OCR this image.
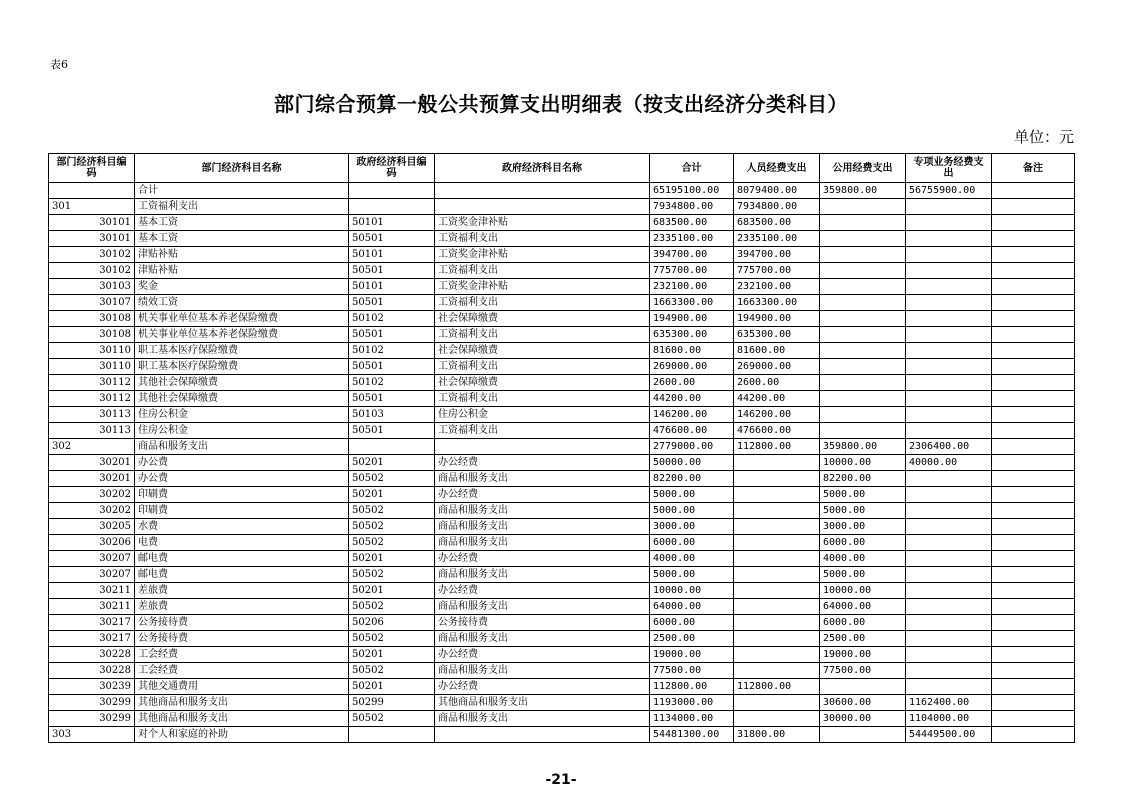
表6
部门综合预算一般公共预算支出明细表（按支出经济分类科目）
单位：元
部门经济科目编码	部门经济科目名称	政府经济科目编码	政府经济科目名称	合计	人员经费支出	公用经费支出	专项业务经费支出	备注
	合计			65195100.00	8079400.00	359800.00	56755900.00	
301	工资福利支出			7934800.00	7934800.00			
30101	基本工资	50101	工资奖金津补贴	683500.00	683500.00			
30101	基本工资	50501	工资福利支出	2335100.00	2335100.00			
30102	津贴补贴	50101	工资奖金津补贴	394700.00	394700.00			
30102	津贴补贴	50501	工资福利支出	775700.00	775700.00			
30103	奖金	50101	工资奖金津补贴	232100.00	232100.00			
30107	绩效工资	50501	工资福利支出	1663300.00	1663300.00			
30108	机关事业单位基本养老保险缴费	50102	社会保障缴费	194900.00	194900.00			
30108	机关事业单位基本养老保险缴费	50501	工资福利支出	635300.00	635300.00			
30110	职工基本医疗保险缴费	50102	社会保障缴费	81600.00	81600.00			
30110	职工基本医疗保险缴费	50501	工资福利支出	269000.00	269000.00			
30112	其他社会保障缴费	50102	社会保障缴费	2600.00	2600.00			
30112	其他社会保障缴费	50501	工资福利支出	44200.00	44200.00			
30113	住房公积金	50103	住房公积金	146200.00	146200.00			
30113	住房公积金	50501	工资福利支出	476600.00	476600.00			
302	商品和服务支出			2779000.00	112800.00	359800.00	2306400.00	
30201	办公费	50201	办公经费	50000.00		10000.00	40000.00	
30201	办公费	50502	商品和服务支出	82200.00		82200.00		
30202	印刷费	50201	办公经费	5000.00		5000.00		
30202	印刷费	50502	商品和服务支出	5000.00		5000.00		
30205	水费	50502	商品和服务支出	3000.00		3000.00		
30206	电费	50502	商品和服务支出	6000.00		6000.00		
30207	邮电费	50201	办公经费	4000.00		4000.00		
30207	邮电费	50502	商品和服务支出	5000.00		5000.00		
30211	差旅费	50201	办公经费	10000.00		10000.00		
30211	差旅费	50502	商品和服务支出	64000.00		64000.00		
30217	公务接待费	50206	公务接待费	6000.00		6000.00		
30217	公务接待费	50502	商品和服务支出	2500.00		2500.00		
30228	工会经费	50201	办公经费	19000.00		19000.00		
30228	工会经费	50502	商品和服务支出	77500.00		77500.00		
30239	其他交通费用	50201	办公经费	112800.00	112800.00			
30299	其他商品和服务支出	50299	其他商品和服务支出	1193000.00		30600.00	1162400.00	
30299	其他商品和服务支出	50502	商品和服务支出	1134000.00		30000.00	1104000.00	
303	对个人和家庭的补助			54481300.00	31800.00		54449500.00	
-21-
